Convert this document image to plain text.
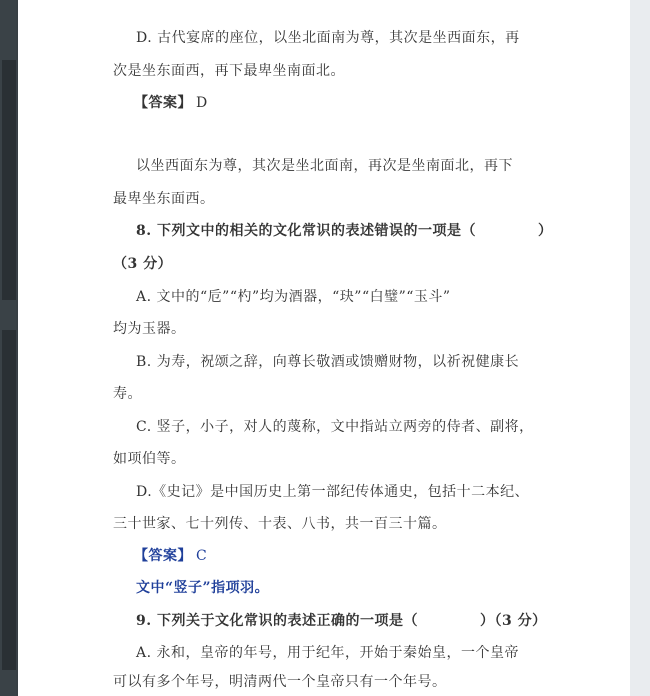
D. 古代宴席的座位，以坐北面南为尊，其次是坐西面东，再
次是坐东面西，再下最卑坐南面北。
【答案】 D
以坐西面东为尊，其次是坐北面南，再次是坐南面北，再下
最卑坐东面西。
8. 下列文中的相关的文化常识的表述错误的一项是（	）
（3 分）
A. 文中的“卮”“杓”均为酒器，“玦”“白璧”“玉斗”
均为玉器。
B. 为寿，祝颂之辞，向尊长敬酒或馈赠财物，以祈祝健康长
寿。
C. 竖子，小子，对人的蔑称，文中指站立两旁的侍者、副将，
如项伯等。
D.《史记》是中国历史上第一部纪传体通史，包括十二本纪、
三十世家、七十列传、十表、八书，共一百三十篇。
【答案】 C
文中“竖子”指项羽。
9. 下列关于文化常识的表述正确的一项是（	）（3 分）
A. 永和，皇帝的年号，用于纪年，开始于秦始皇，一个皇帝
可以有多个年号，明清两代一个皇帝只有一个年号。
